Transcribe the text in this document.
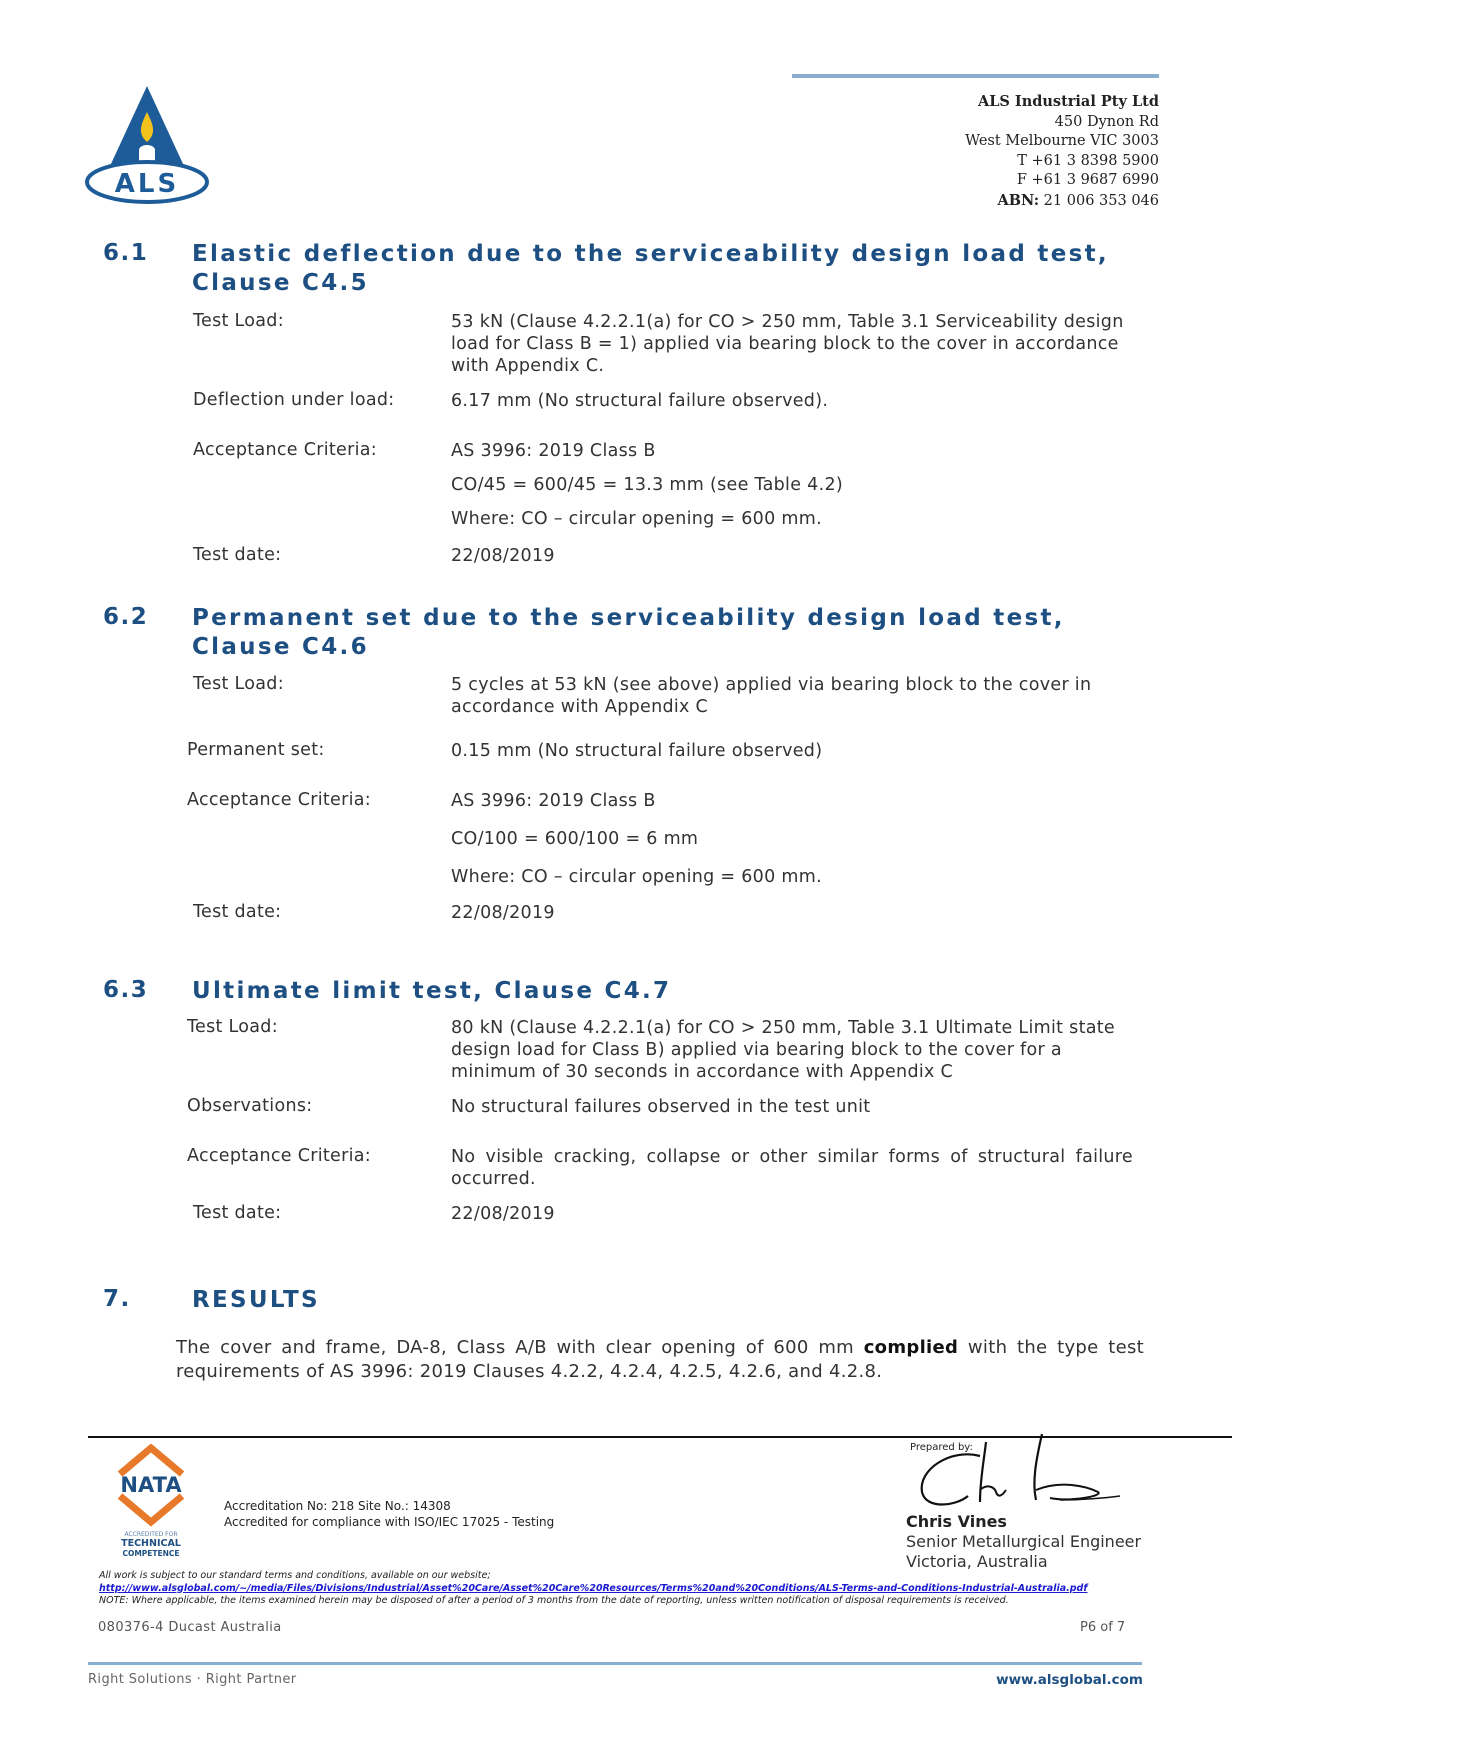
ALS
ALS Industrial Pty Ltd
450 Dynon Rd
West Melbourne VIC 3003
T +61 3 8398 5900
F +61 3 9687 6990
ABN: 21 006 353 046
6.1 Elastic deflection due to the serviceability design load test,
Clause C4.5
Test Load:	53 kN (Clause 4.2.2.1(a) for CO > 250 mm, Table 3.1 Serviceability design load for Class B = 1) applied via bearing block to the cover in accordance with Appendix C.
Deflection under load:	6.17 mm (No structural failure observed).
Acceptance Criteria:	AS 3996: 2019 Class B
CO/45 = 600/45 = 13.3 mm (see Table 4.2)
Where: CO – circular opening = 600 mm.
Test date:	22/08/2019
6.2 Permanent set due to the serviceability design load test,
Clause C4.6
Test Load:	5 cycles at 53 kN (see above) applied via bearing block to the cover in accordance with Appendix C
Permanent set:	0.15 mm (No structural failure observed)
Acceptance Criteria:	AS 3996: 2019 Class B
CO/100 = 600/100 = 6 mm
Where: CO – circular opening = 600 mm.
Test date:	22/08/2019
6.3 Ultimate limit test, Clause C4.7
Test Load:	80 kN (Clause 4.2.2.1(a) for CO > 250 mm, Table 3.1 Ultimate Limit state design load for Class B) applied via bearing block to the cover for a minimum of 30 seconds in accordance with Appendix C
Observations:	No structural failures observed in the test unit
Acceptance Criteria:	No visible cracking, collapse or other similar forms of structural failure occurred.
Test date:	22/08/2019
7.	RESULTS
The cover and frame, DA-8, Class A/B with clear opening of 600 mm complied with the type test requirements of AS 3996: 2019 Clauses 4.2.2, 4.2.4, 4.2.5, 4.2.6, and 4.2.8.
NATA
ACCREDITED FOR
TECHNICAL
COMPETENCE
Accreditation No: 218 Site No.: 14308
Accredited for compliance with ISO/IEC 17025 - Testing
Prepared by:
Chris Vines
Senior Metallurgical Engineer
Victoria, Australia
All work is subject to our standard terms and conditions, available on our website;
http://www.alsglobal.com/~/media/Files/Divisions/Industrial/Asset%20Care/Asset%20Care%20Resources/Terms%20and%20Conditions/ALS-Terms-and-Conditions-Industrial-Australia.pdf
NOTE: Where applicable, the items examined herein may be disposed of after a period of 3 months from the date of reporting, unless written notification of disposal requirements is received.
080376-4 Ducast Australia	P6 of 7
Right Solutions · Right Partner	www.alsglobal.com
